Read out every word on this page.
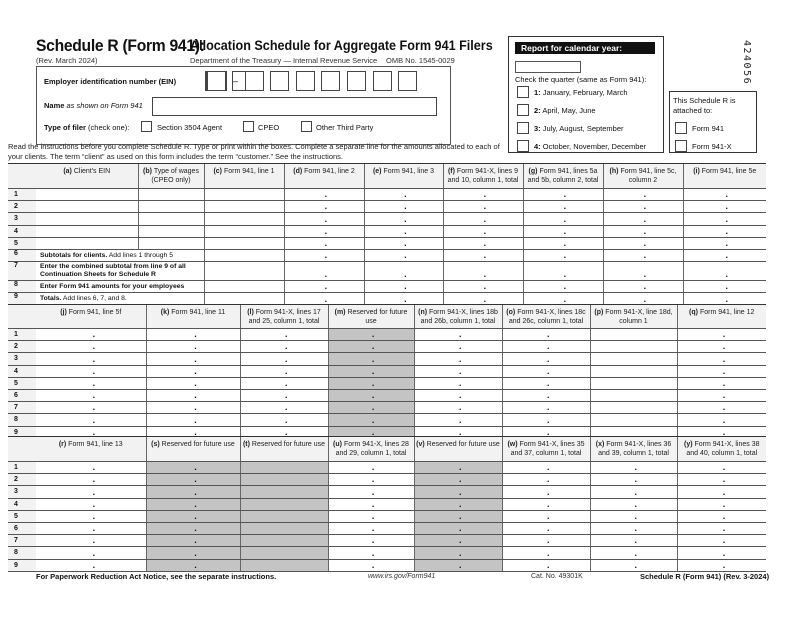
Schedule R (Form 941):
Allocation Schedule for Aggregate Form 941 Filers
(Rev. March 2024)	Department of the Treasury — Internal Revenue Service OMB No. 1545-0029	424056
Employer identification number (EIN)	–
Name as shown on Form 941
Type of filer (check one):	Section 3504 Agent	CPEO	Other Third Party
Report for calendar year:
Check the quarter (same as Form 941):
1: January, February, March
2: April, May, June
3: July, August, September
4: October, November, December
This Schedule R is
attached to:
Form 941
Form 941-X
Read the instructions before you complete Schedule R. Type or print within the boxes. Complete a separate line for the amounts allocated to each of your clients. The term “client” as used on this form includes the term “customer.” See the instructions.
	(a) Client's EIN	(b) Type of wages (CPEO only)	(c) Form 941, line 1	(d) Form 941, line 2	(e) Form 941, line 3	(f) Form 941-X, lines 9 and 10, column 1, total	(g) Form 941, lines 5a and 5b, column 2, total	(h) Form 941, line 5c, column 2	(i) Form 941, line 5e
1				.	.	.	.	.	.
2				.	.	.	.	.	.
3				.	.	.	.	.	.
4				.	.	.	.	.	.
5				.	.	.	.	.	.
6	Subtotals for clients. Add lines 1 through 5		.	.	.	.	.	.
7	Enter the combined subtotal from line 9 of all Continuation Sheets for Schedule R		.	.	.	.	.	.
8	Enter Form 941 amounts for your employees		.	.	.	.	.	.
9	Totals. Add lines 6, 7, and 8.		.	.	.	.	.	.
	(j) Form 941, line 5f	(k) Form 941, line 11	(l) Form 941-X, lines 17 and 25, column 1, total	(m) Reserved for future use	(n) Form 941-X, lines 18b and 26b, column 1, total	(o) Form 941-X, lines 18c and 26c, column 1, total	(p) Form 941-X, line 18d, column 1	(q) Form 941, line 12
1	.	.	.	.	.	.		.
2	.	.	.	.	.	.		.
3	.	.	.	.	.	.		.
4	.	.	.	.	.	.		.
5	.	.	.	.	.	.		.
6	.	.	.	.	.	.		.
7	.	.	.	.	.	.		.
8	.	.	.	.	.	.		.
9	.	.	.	.	.	.		.
	(r) Form 941, line 13	(s) Reserved for future use	(t) Reserved for future use	(u) Form 941-X, lines 28 and 29, column 1, total	(v) Reserved for future use	(w) Form 941-X, lines 35 and 37, column 1, total	(x) Form 941-X, lines 36 and 39, column 1, total	(y) Form 941-X, lines 38 and 40, column 1, total
1	.	.		.	.	.	.	.
2	.	.		.	.	.	.	.
3	.	.		.	.	.	.	.
4	.	.		.	.	.	.	.
5	.	.		.	.	.	.	.
6	.	.		.	.	.	.	.
7	.	.		.	.	.	.	.
8	.	.		.	.	.	.	.
9	.	.		.	.	.	.	.
For Paperwork Reduction Act Notice, see the separate instructions.	www.irs.gov/Form941	Cat. No. 49301K	Schedule R (Form 941) (Rev. 3-2024)
